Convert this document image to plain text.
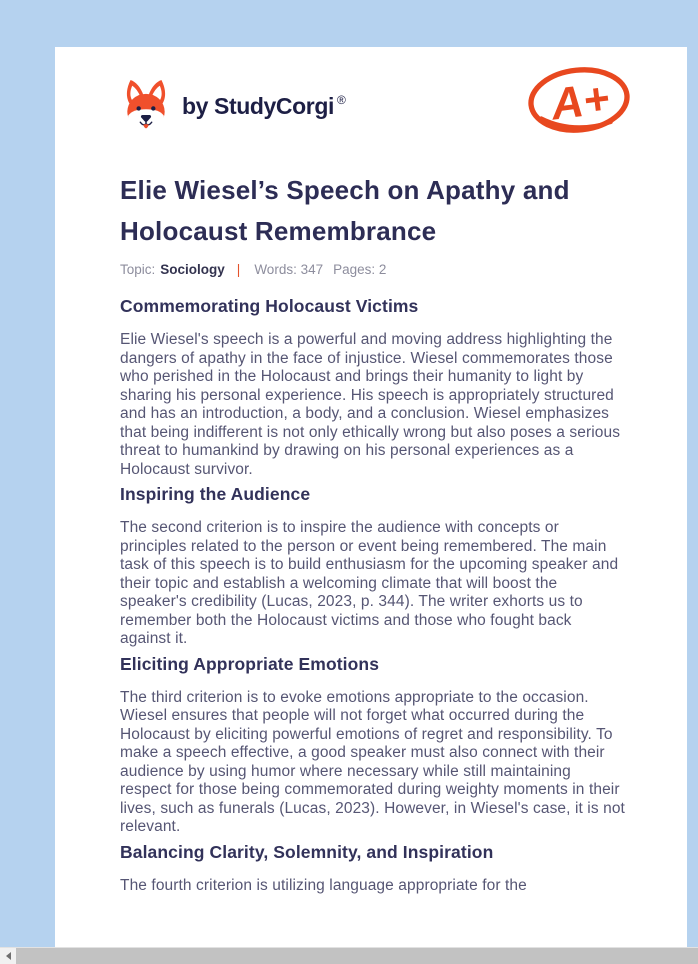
by StudyCorgi ®	A+
Elie Wiesel’s Speech on Apathy and Holocaust Remembrance
Topic: Sociology | Words: 347 Pages: 2
Commemorating Holocaust Victims

Elie Wiesel's speech is a powerful and moving address highlighting the dangers of apathy in the face of injustice. Wiesel commemorates those who perished in the Holocaust and brings their humanity to light by sharing his personal experience. His speech is appropriately structured and has an introduction, a body, and a conclusion. Wiesel emphasizes that being indifferent is not only ethically wrong but also poses a serious threat to humankind by drawing on his personal experiences as a Holocaust survivor.

Inspiring the Audience

The second criterion is to inspire the audience with concepts or principles related to the person or event being remembered. The main task of this speech is to build enthusiasm for the upcoming speaker and their topic and establish a welcoming climate that will boost the speaker's credibility (Lucas, 2023, p. 344). The writer exhorts us to remember both the Holocaust victims and those who fought back against it.

Eliciting Appropriate Emotions

The third criterion is to evoke emotions appropriate to the occasion. Wiesel ensures that people will not forget what occurred during the Holocaust by eliciting powerful emotions of regret and responsibility. To make a speech effective, a good speaker must also connect with their audience by using humor where necessary while still maintaining respect for those being commemorated during weighty moments in their lives, such as funerals (Lucas, 2023). However, in Wiesel's case, it is not relevant.

Balancing Clarity, Solemnity, and Inspiration

The fourth criterion is utilizing language appropriate for the
